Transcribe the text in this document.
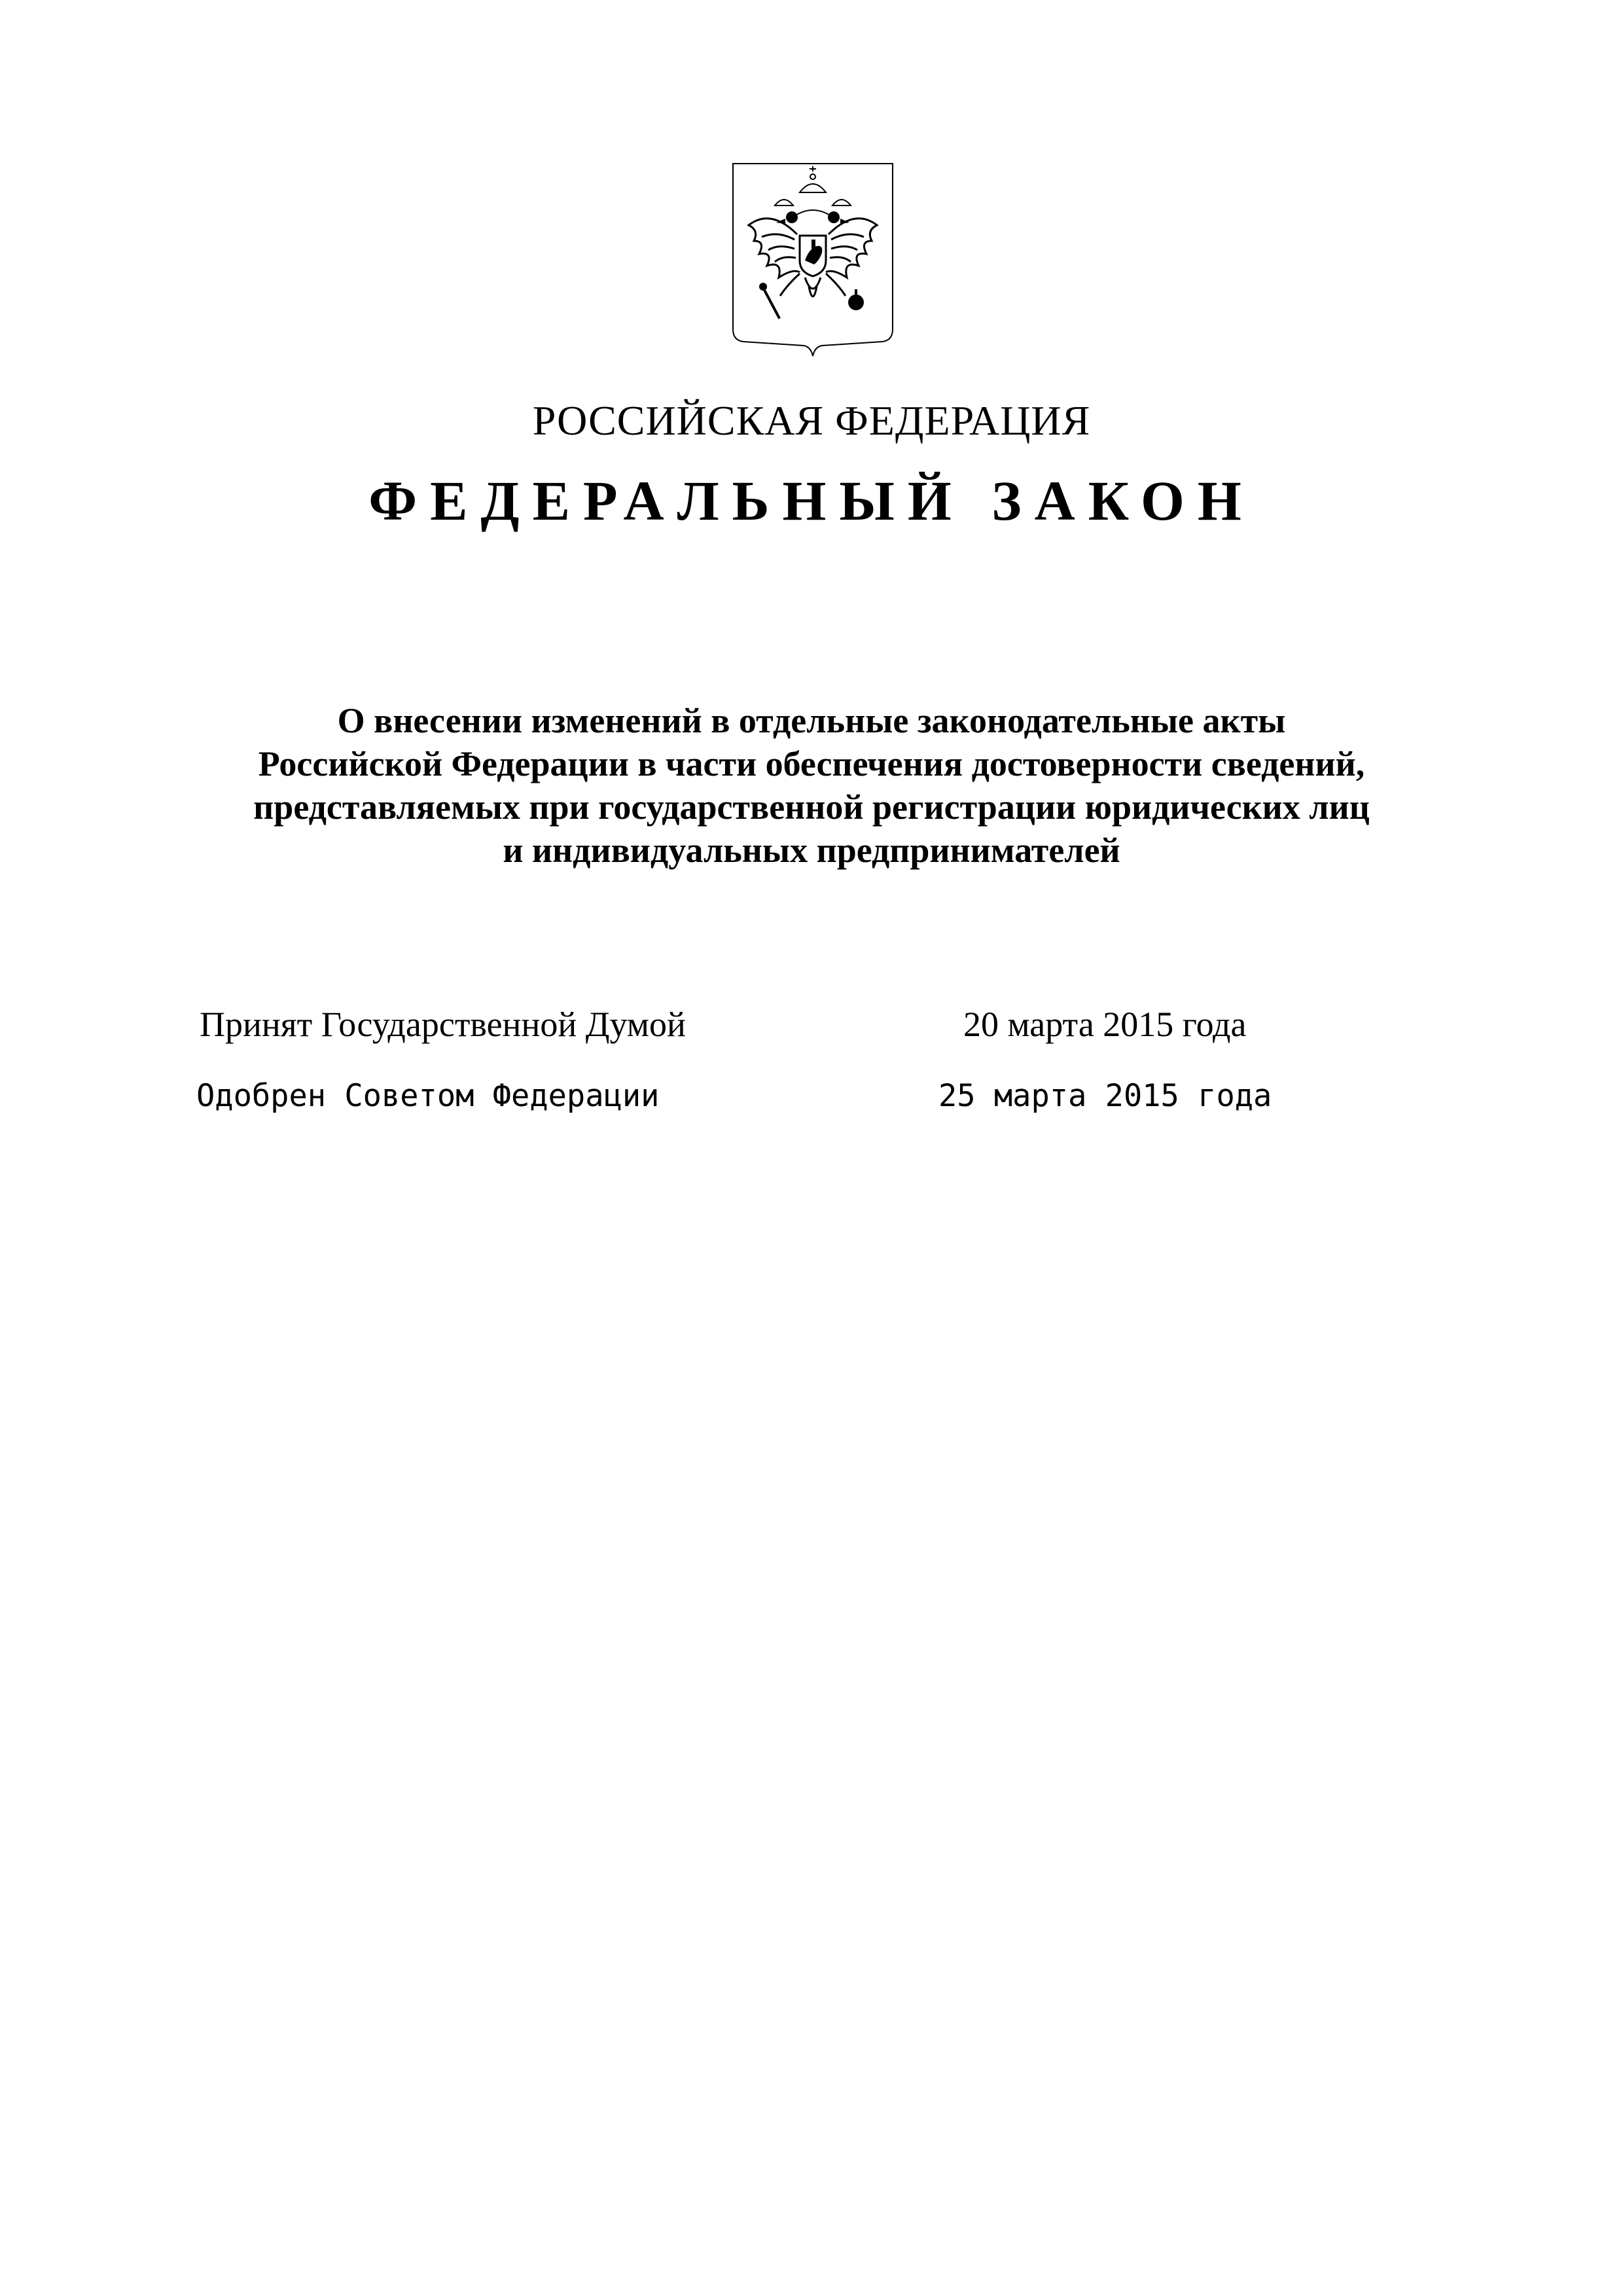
РОССИЙСКАЯ ФЕДЕРАЦИЯ
ФЕДЕРАЛЬНЫЙ ЗАКОН
О внесении изменений в отдельные законодательные акты
Российской Федерации в части обеспечения достоверности сведений,
представляемых при государственной регистрации юридических лиц
и индивидуальных предпринимателей
Принят Государственной Думой	20 марта 2015 года
Одобрен Советом Федерации	25 марта 2015 года
